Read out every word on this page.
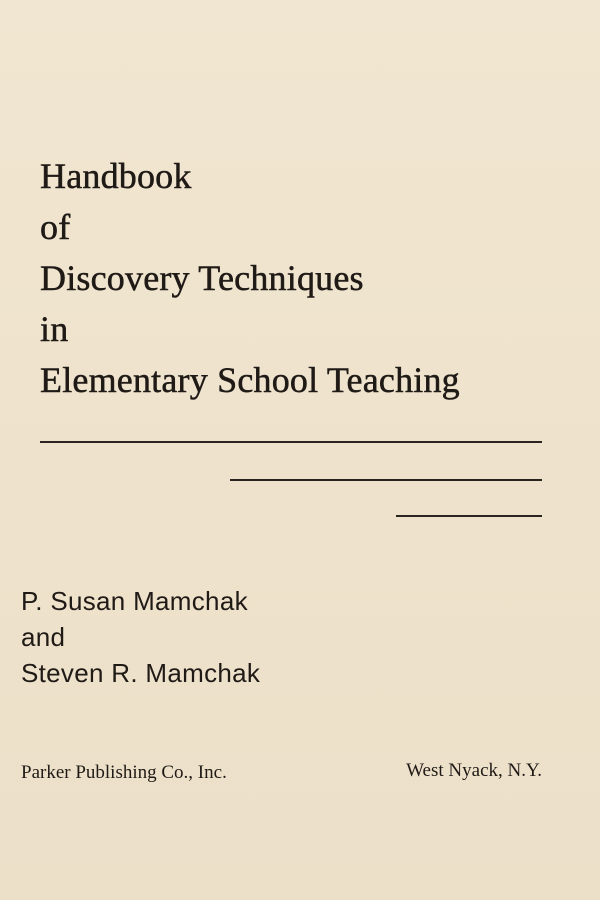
Handbook
of
Discovery Techniques
in
Elementary School Teaching
P. Susan Mamchak
and
Steven R. Mamchak
Parker Publishing Co., Inc.	West Nyack, N.Y.
